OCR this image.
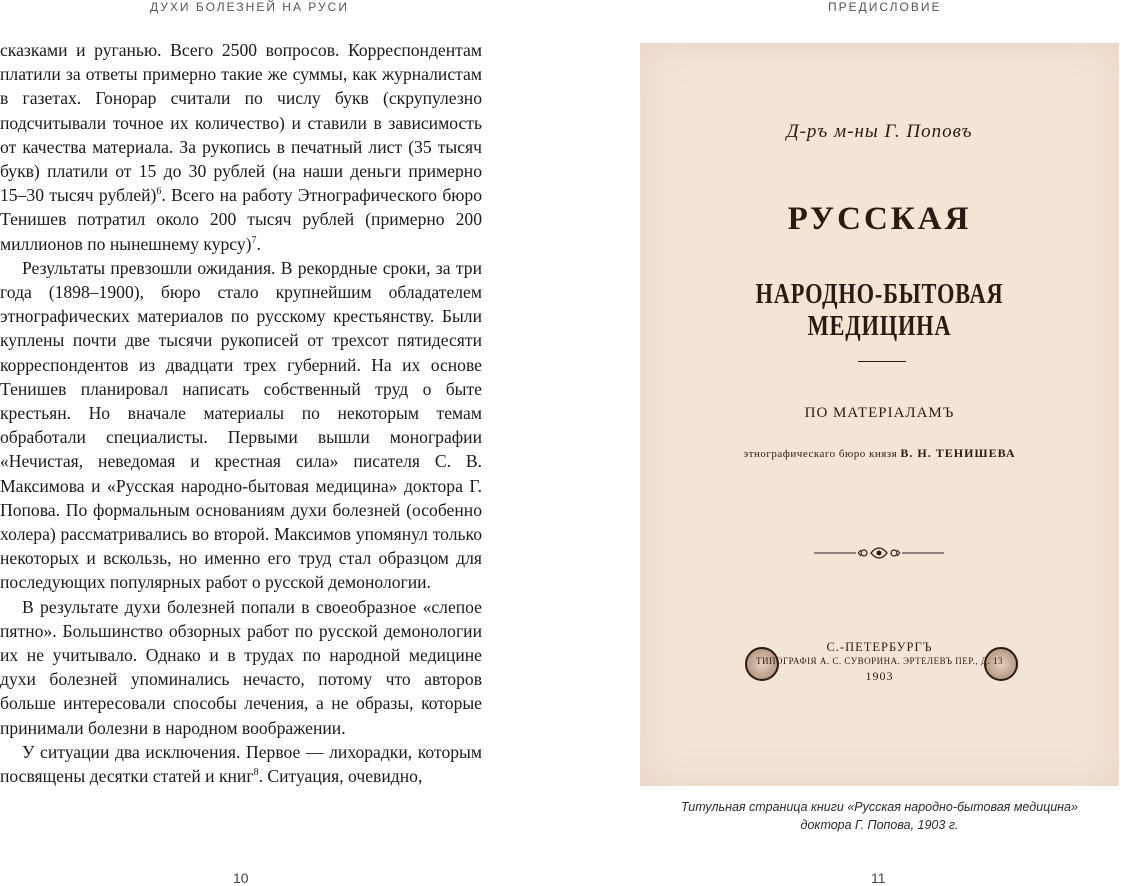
ДУХИ БОЛЕЗНЕЙ НА РУСИ	ПРЕДИСЛОВИЕ

сказками и руганью. Всего 2500 вопросов. Корреспондентам платили за ответы примерно такие же суммы, как журналистам в газетах. Гонорар считали по числу букв (скрупулезно подсчитывали точное их количество) и ставили в зависимость от качества материала. За рукопись в печатный лист (35 тысяч букв) платили от 15 до 30 рублей (на наши деньги примерно 15–30 тысяч рублей)$^6$. Всего на работу Этнографического бюро Тенишев потратил около 200 тысяч рублей (примерно 200 миллионов по нынешнему курсу)$^7$.

Результаты превзошли ожидания. В рекордные сроки, за три года (1898–1900), бюро стало крупнейшим обладателем этнографических материалов по русскому крестьянству. Были куплены почти две тысячи рукописей от трехсот пятидесяти корреспондентов из двадцати трех губерний. На их основе Тенишев планировал написать собственный труд о быте крестьян. Но вначале материалы по некоторым темам обработали специалисты. Первыми вышли монографии «Нечистая, неведомая и крестная сила» писателя С. В. Максимова и «Русская народно-бытовая медицина» доктора Г. Попова. По формальным основаниям духи болезней (особенно холера) рассматривались во второй. Максимов упомянул только некоторых и вскользь, но именно его труд стал образцом для последующих популярных работ о русской демонологии.

В результате духи болезней попали в своеобразное «слепое пятно». Большинство обзорных работ по русской демонологии их не учитывало. Однако и в трудах по народной медицине духи болезней упоминались нечасто, потому что авторов больше интересовали способы лечения, а не образы, которые принимали болезни в народном воображении.

У ситуации два исключения. Первое — лихорадки, которым посвящены десятки статей и книг$^8$. Ситуация, очевидно,

10
Д-ръ м-ны Г. Поповъ
РУССКАЯ
НАРОДНО-БЫТОВАЯ МЕДИЦИНА
ПО МАТЕРІАЛАМЪ
этнографическаго бюро князя В. Н. ТЕНИШЕВА
С.-ПЕТЕРБУРГЪ
ТИПОГРАФІЯ А. С. СУВОРИНА. ЭРТЕЛЕВЪ ПЕР., Д. 13
1903
Титульная страница книги «Русская народно-бытовая медицина»
доктора Г. Попова, 1903 г.
11
